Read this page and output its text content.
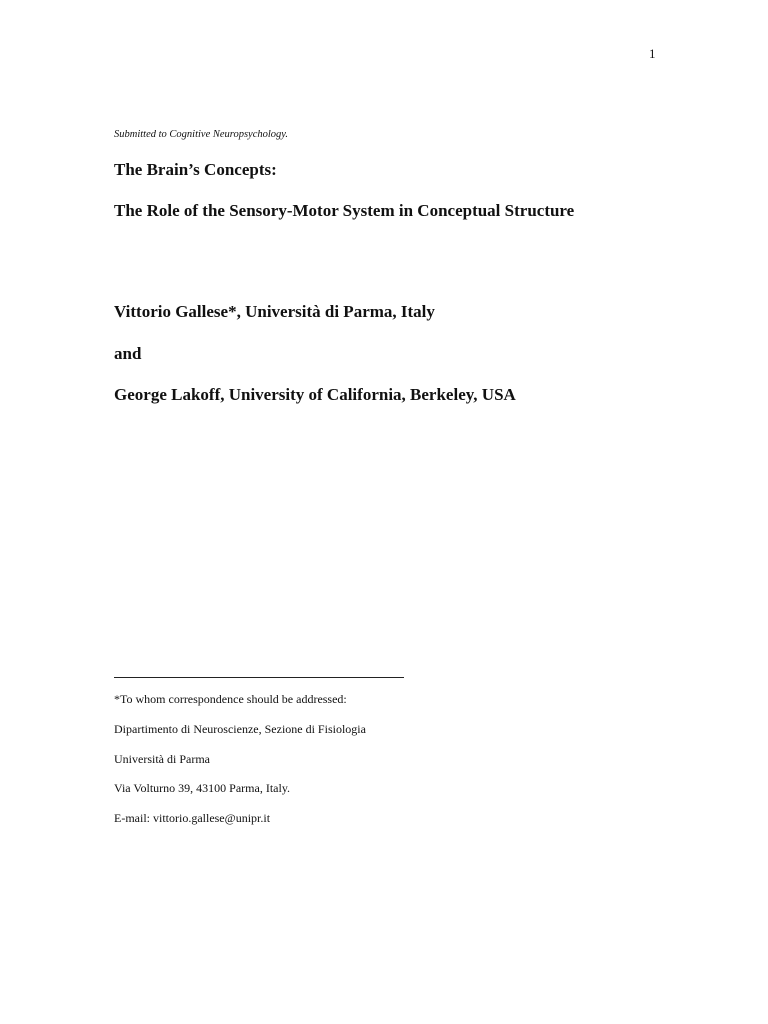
1
Submitted to Cognitive Neuropsychology.
The Brain’s Concepts:
The Role of the Sensory-Motor System in Conceptual Structure
Vittorio Gallese*, Università di Parma, Italy
and
George Lakoff, University of California, Berkeley, USA
*To whom correspondence should be addressed:
Dipartimento di Neuroscienze, Sezione di Fisiologia
Università di Parma
Via Volturno 39, 43100 Parma, Italy.
E-mail: vittorio.gallese@unipr.it
